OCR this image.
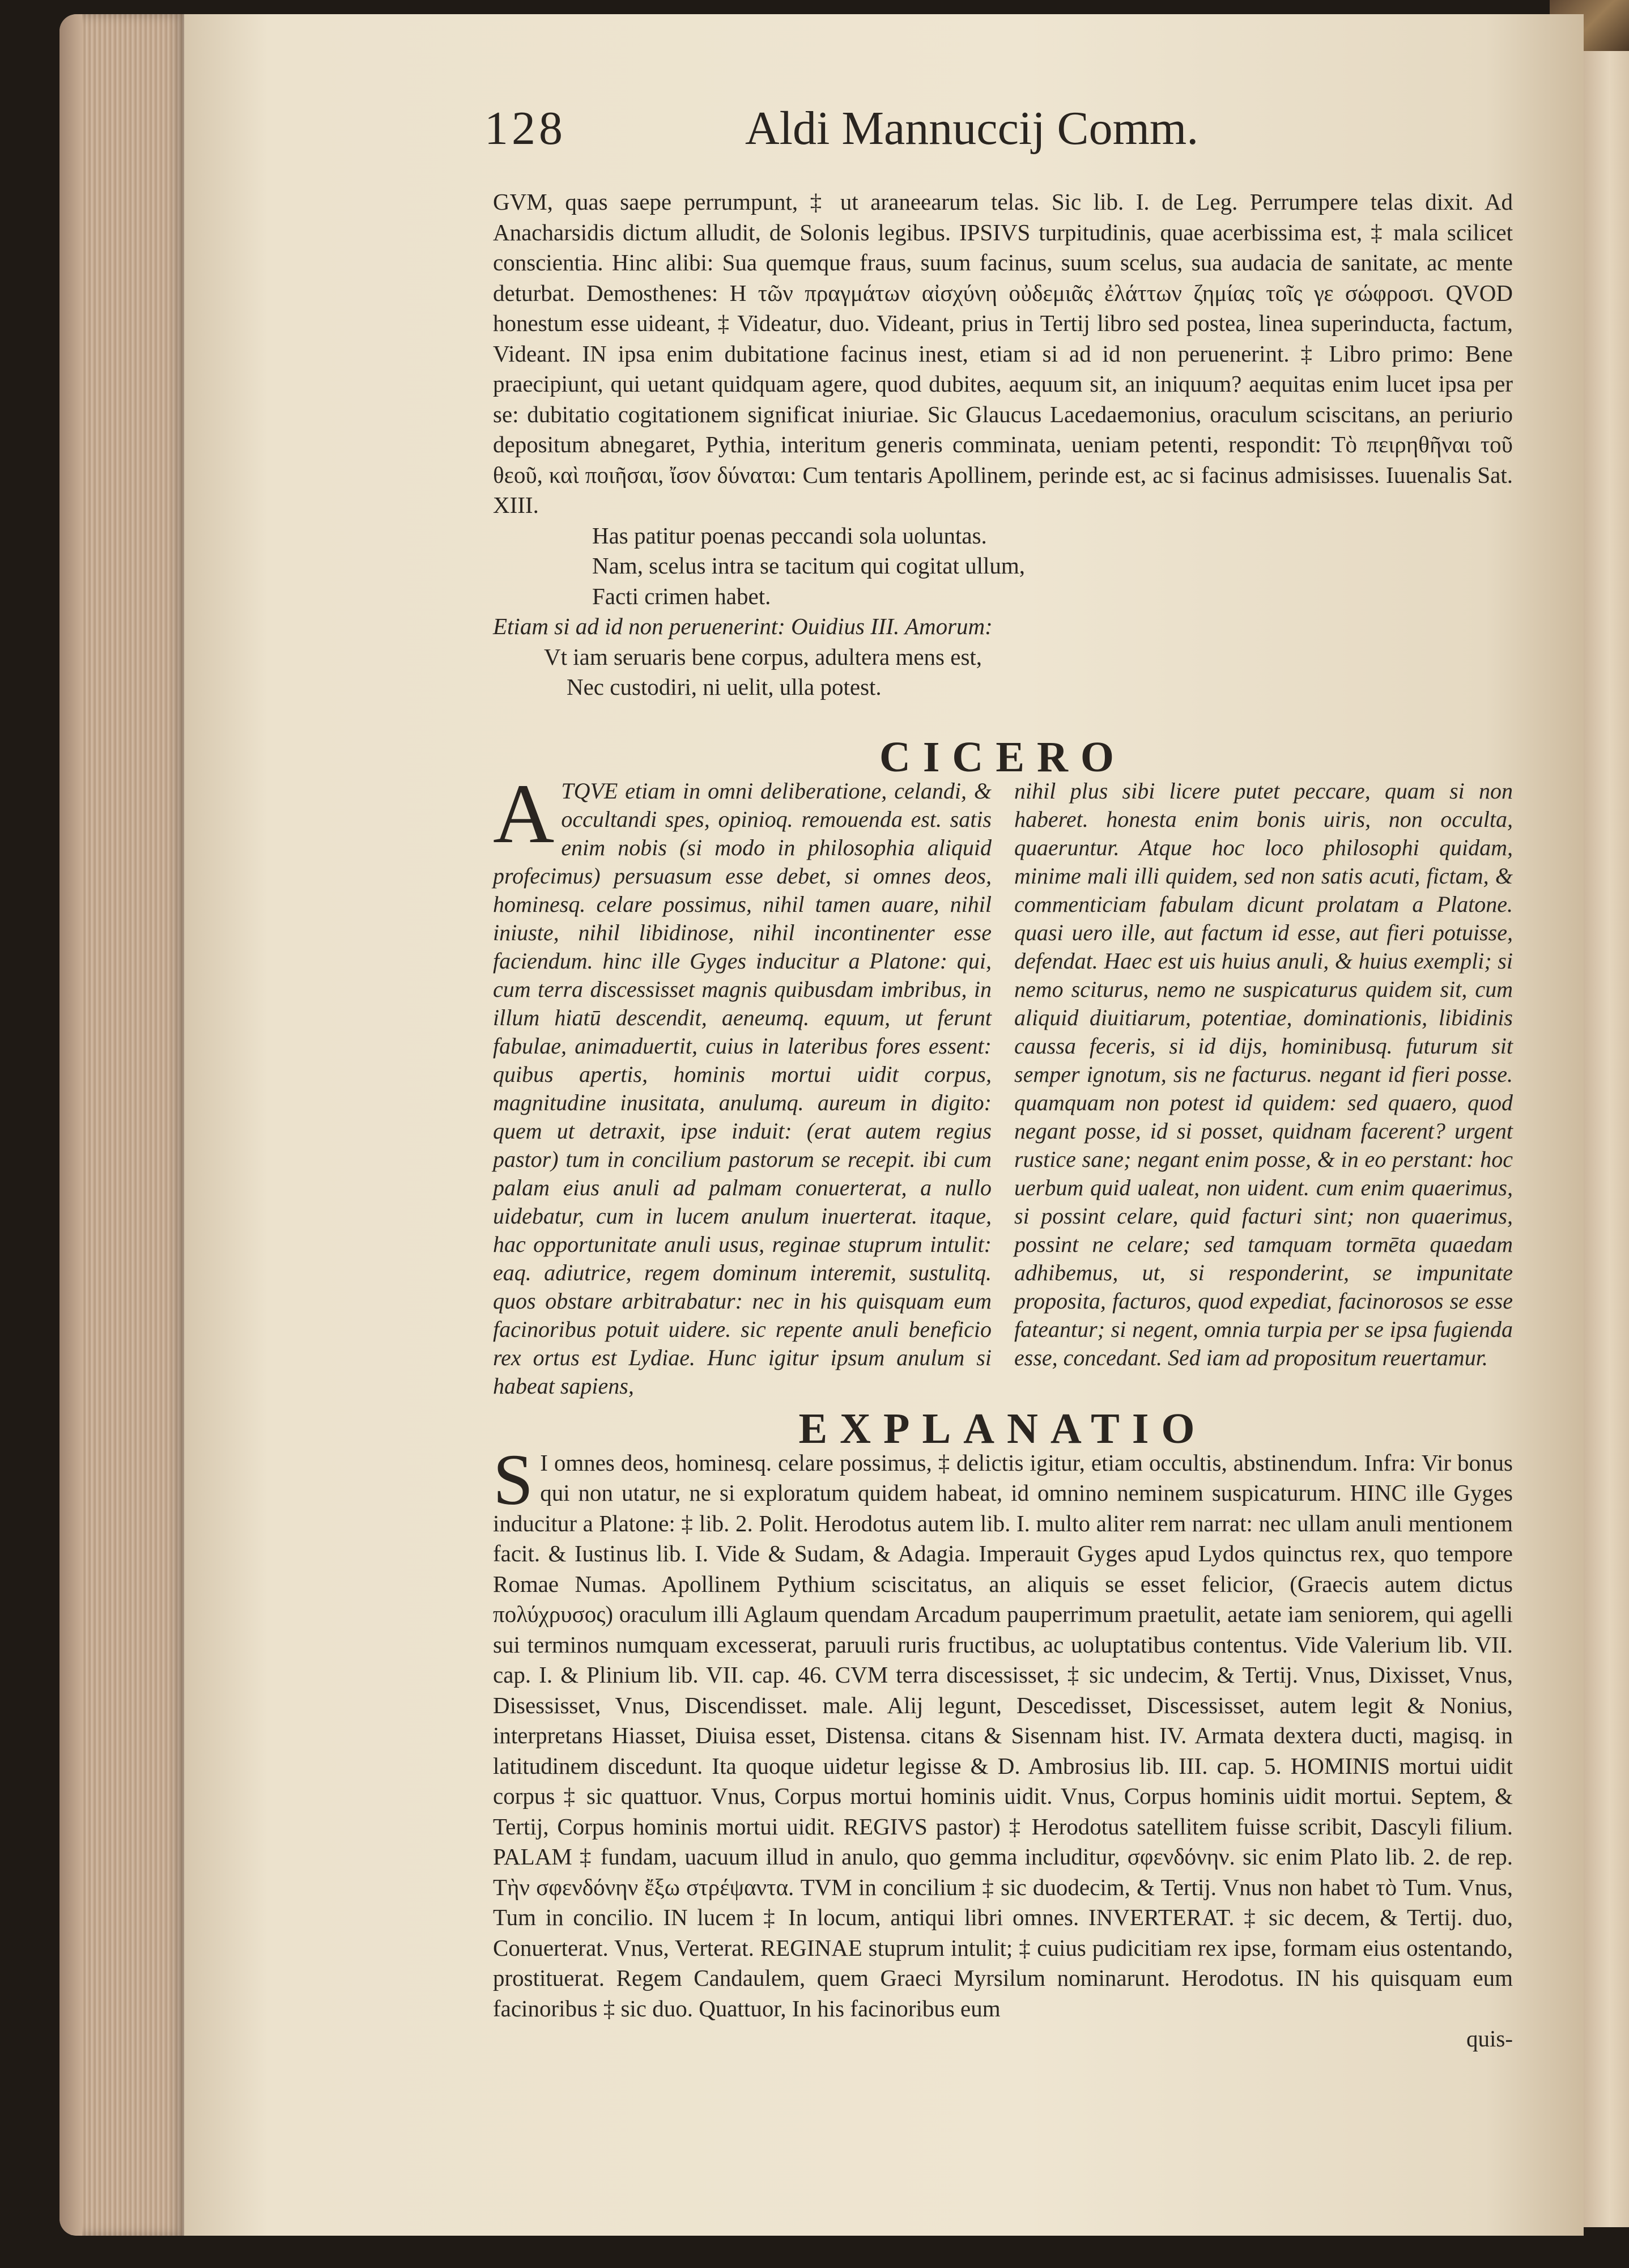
128	Aldi Mannuccij Comm.

GVM, quas saepe perrumpunt, ‡ ut araneearum telas. Sic lib. I. de Leg. Perrumpere telas dixit. Ad Anacharsidis dictum alludit, de Solonis legibus. IPSIVS turpitudinis, quae acerbissima est, ‡ mala scilicet conscientia. Hinc alibi: Sua quemque fraus, suum facinus, suum scelus, sua audacia de sanitate, ac mente deturbat. Demosthenes: Η τῶν πραγμάτων αἰσχύνη οὐδεμιᾶς ἐλάττων ζημίας τοῖς γε σώφροσι. QVOD honestum esse uideant, ‡ Videatur, duo. Videant, prius in Tertij libro sed postea, linea superinducta, factum, Videant. IN ipsa enim dubitatione facinus inest, etiam si ad id non peruenerint. ‡ Libro primo: Bene praecipiunt, qui uetant quidquam agere, quod dubites, aequum sit, an iniquum? aequitas enim lucet ipsa per se: dubitatio cogitationem significat iniuriae. Sic Glaucus Lacedaemonius, oraculum sciscitans, an periurio depositum abnegaret, Pythia, interitum generis comminata, ueniam petenti, respondit: Τὸ πειρηθῆναι τοῦ θεοῦ, καὶ ποιῆσαι, ἴσον δύναται: Cum tentaris Apollinem, perinde est, ac si facinus admisisses. Iuuenalis Sat. XIII.

Has patitur poenas peccandi sola uoluntas.
Nam, scelus intra se tacitum qui cogitat ullum,
Facti crimen habet.
Etiam si ad id non peruenerint: Ouidius III. Amorum:
Vt iam seruaris bene corpus, adultera mens est,
Nec custodiri, ni uelit, ulla potest.
CICERO
ATQVE etiam in omni deliberatione, celandi, & occultandi spes, opinioq. remouenda est. satis enim nobis (si modo in philosophia aliquid profecimus) persuasum esse debet, si omnes deos, hominesq. celare possimus, nihil tamen auare, nihil iniuste, nihil libidinose, nihil incontinenter esse faciendum. hinc ille Gyges inducitur a Platone: qui, cum terra discessisset magnis quibusdam imbribus, in illum hiatū descendit, aeneumq. equum, ut ferunt fabulae, animaduertit, cuius in lateribus fores essent: quibus apertis, hominis mortui uidit corpus, magnitudine inusitata, anulumq. aureum in digito: quem ut detraxit, ipse induit: (erat autem regius pastor) tum in concilium pastorum se recepit. ibi cum palam eius anuli ad palmam conuerterat, a nullo uidebatur, cum in lucem anulum inuerterat. itaque, hac opportunitate anuli usus, reginae stuprum intulit: eaq. adiutrice, regem dominum interemit, sustulitq. quos obstare arbitrabatur: nec in his quisquam eum facinoribus potuit uidere. sic repente anuli beneficio rex ortus est Lydiae. Hunc igitur ipsum anulum si habeat sapiens,
nihil plus sibi licere putet peccare, quam si non haberet. honesta enim bonis uiris, non occulta, quaeruntur. Atque hoc loco philosophi quidam, minime mali illi quidem, sed non satis acuti, fictam, & commenticiam fabulam dicunt prolatam a Platone. quasi uero ille, aut factum id esse, aut fieri potuisse, defendat. Haec est uis huius anuli, & huius exempli; si nemo sciturus, nemo ne suspicaturus quidem sit, cum aliquid diuitiarum, potentiae, dominationis, libidinis caussa feceris, si id dijs, hominibusq. futurum sit semper ignotum, sis ne facturus. negant id fieri posse. quamquam non potest id quidem: sed quaero, quod negant posse, id si posset, quidnam facerent? urgent rustice sane; negant enim posse, & in eo perstant: hoc uerbum quid ualeat, non uident. cum enim quaerimus, si possint celare, quid facturi sint; non quaerimus, possint ne celare; sed tamquam tormēta quaedam adhibemus, ut, si responderint, se impunitate proposita, facturos, quod expediat, facinorosos se esse fateantur; si negent, omnia turpia per se ipsa fugienda esse, concedant. Sed iam ad propositum reuertamur.
EXPLANATIO

S I omnes deos, hominesq. celare possimus, ‡ delictis igitur, etiam occultis, abstinendum. Infra: Vir bonus qui non utatur, ne si exploratum quidem habeat, id omnino neminem suspicaturum. HINC ille Gyges inducitur a Platone: ‡ lib. 2. Polit. Herodotus autem lib. I. multo aliter rem narrat: nec ullam anuli mentionem facit. & Iustinus lib. I. Vide & Sudam, & Adagia. Imperauit Gyges apud Lydos quinctus rex, quo tempore Romae Numas. Apollinem Pythium sciscitatus, an aliquis se esset felicior, (Graecis autem dictus πολύχρυσος) oraculum illi Aglaum quendam Arcadum pauperrimum praetulit, aetate iam seniorem, qui agelli sui terminos numquam excesserat, paruuli ruris fructibus, ac uoluptatibus contentus. Vide Valerium lib. VII. cap. I. & Plinium lib. VII. cap. 46. CVM terra discessisset, ‡ sic undecim, & Tertij. Vnus, Dixisset, Vnus, Disessisset, Vnus, Discendisset. male. Alij legunt, Descedisset, Discessisset, autem legit & Nonius, interpretans Hiasset, Diuisa esset, Distensa. citans & Sisennam hist. IV. Armata dextera ducti, magisq. in latitudinem discedunt. Ita quoque uidetur legisse & D. Ambrosius lib. III. cap. 5. HOMINIS mortui uidit corpus ‡ sic quattuor. Vnus, Corpus mortui hominis uidit. Vnus, Corpus hominis uidit mortui. Septem, & Tertij, Corpus hominis mortui uidit. REGIVS pastor) ‡ Herodotus satellitem fuisse scribit, Dascyli filium. PALAM ‡ fundam, uacuum illud in anulo, quo gemma includitur, σφενδόνην. sic enim Plato lib. 2. de rep. Τὴν σφενδόνην ἔξω στρέψαντα. TVM in concilium ‡ sic duodecim, & Tertij. Vnus non habet τὸ Tum. Vnus, Tum in concilio. IN lucem ‡ In locum, antiqui libri omnes. INVERTERAT. ‡ sic decem, & Tertij. duo, Conuerterat. Vnus, Verterat. REGINAE stuprum intulit; ‡ cuius pudicitiam rex ipse, formam eius ostentando, prostituerat. Regem Candaulem, quem Graeci Myrsilum nominarunt. Herodotus. IN his quisquam eum facinoribus ‡ sic duo. Quattuor, In his facinoribus eum

quis-
